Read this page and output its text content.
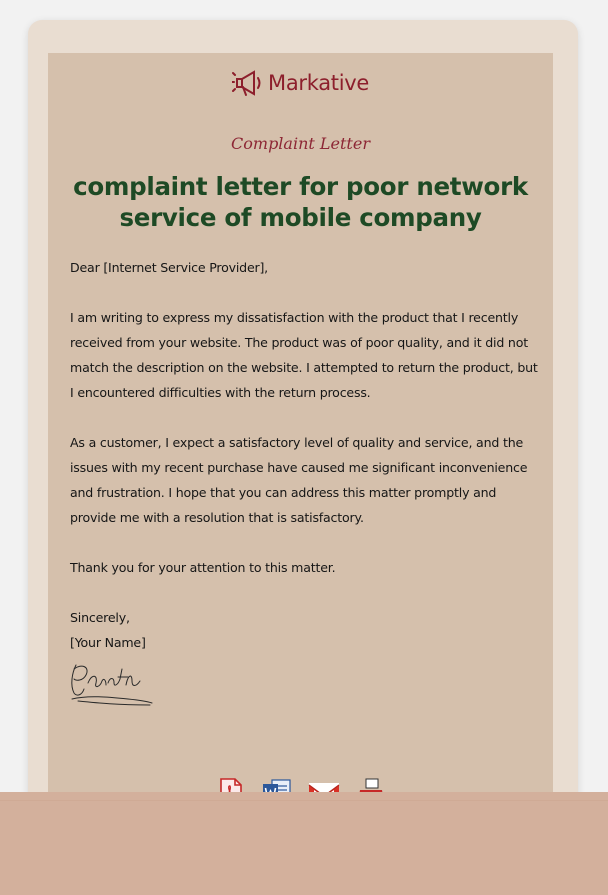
Markative
Complaint Letter
complaint letter for poor network service of mobile company

Dear [Internet Service Provider],

I am writing to express my dissatisfaction with the product that I recently received from your website. The product was of poor quality, and it did not match the description on the website. I attempted to return the product, but I encountered difficulties with the return process.

As a customer, I expect a satisfactory level of quality and service, and the issues with my recent purchase have caused me significant inconvenience and frustration. I hope that you can address this matter promptly and provide me with a resolution that is satisfactory.

Thank you for your attention to this matter.

Sincerely,

[Your Name]
